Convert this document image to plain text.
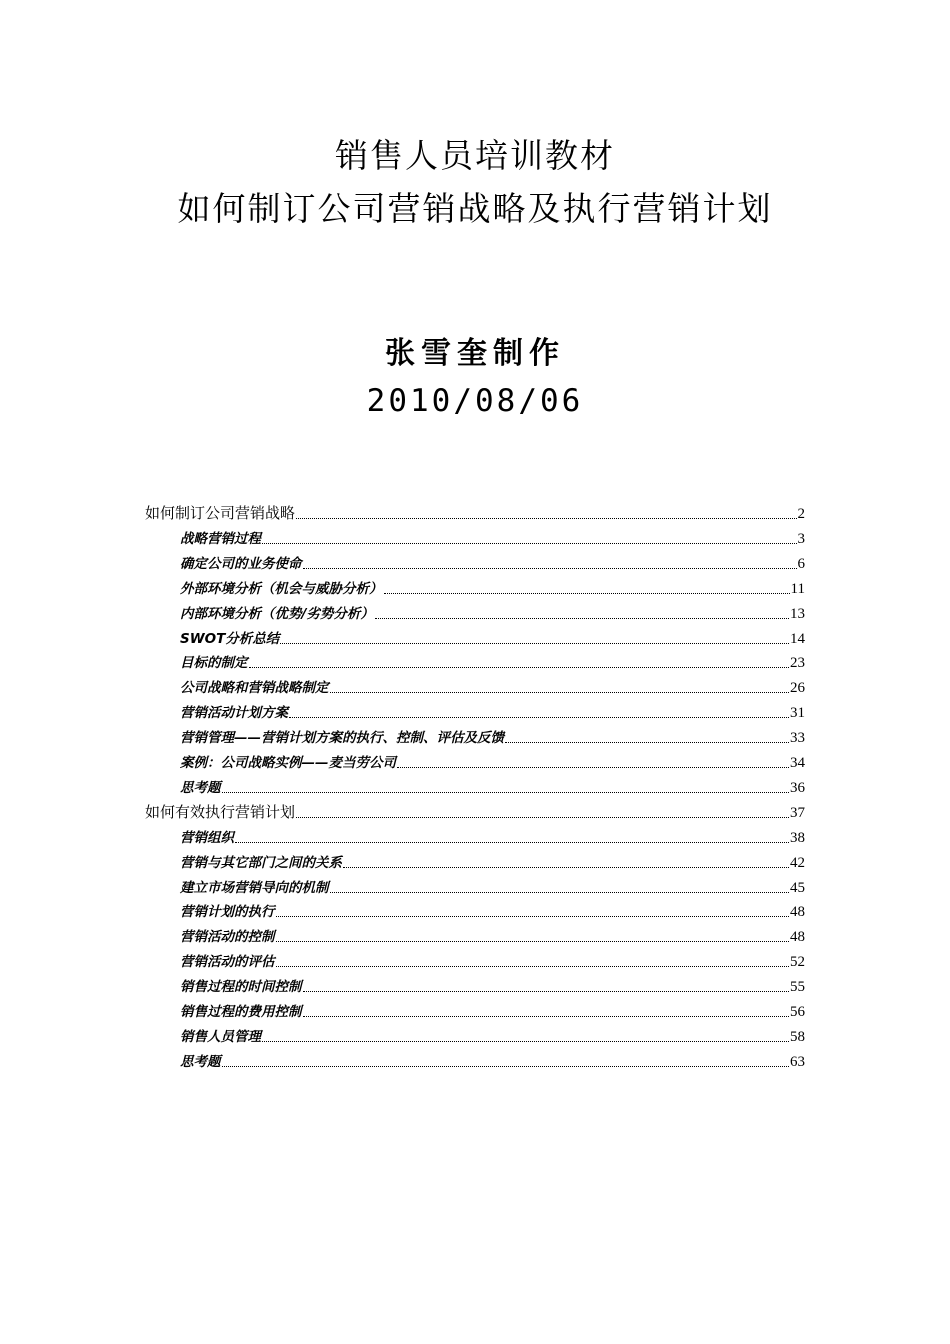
销售人员培训教材
如何制订公司营销战略及执行营销计划
张雪奎制作
2010/08/06
如何制订公司营销战略	2
战略营销过程	3
确定公司的业务使命	6
外部环境分析（机会与威胁分析）	11
内部环境分析（优势/劣势分析）	13
SWOT分析总结	14
目标的制定	23
公司战略和营销战略制定	26
营销活动计划方案	31
营销管理——营销计划方案的执行、控制、评估及反馈	33
案例：公司战略实例——麦当劳公司	34
思考题	36
如何有效执行营销计划	37
营销组织	38
营销与其它部门之间的关系	42
建立市场营销导向的机制	45
营销计划的执行	48
营销活动的控制	48
营销活动的评估	52
销售过程的时间控制	55
销售过程的费用控制	56
销售人员管理	58
思考题	63
